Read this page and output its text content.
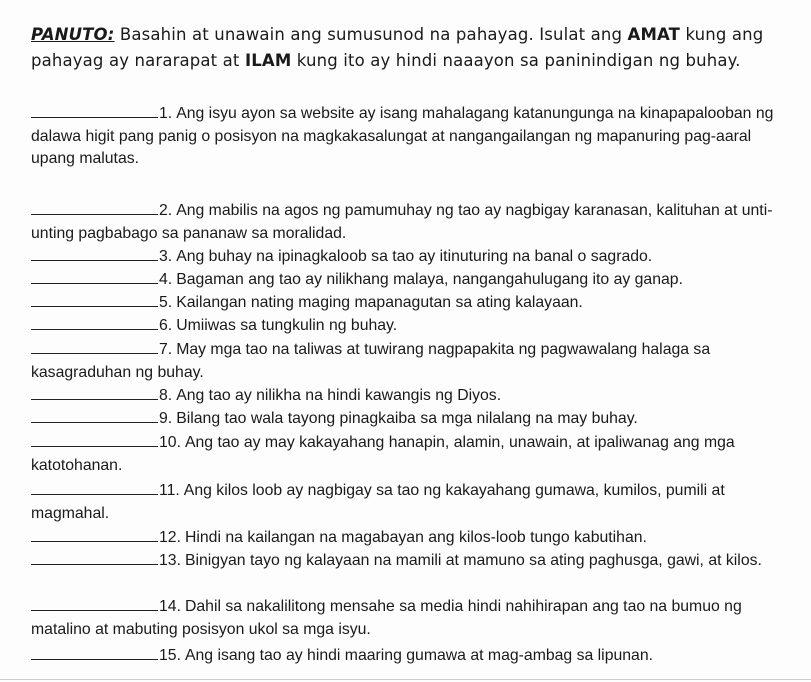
PANUTO: Basahin at unawain ang sumusunod na pahayag. Isulat ang AMAT kung ang pahayag ay nararapat at ILAM kung ito ay hindi naaayon sa paninindigan ng buhay.
1. Ang isyu ayon sa website ay isang mahalagang katanungunga na kinapapalooban ng dalawa higit pang panig o posisyon na magkakasalungat at nangangailangan ng mapanuring pag-aaral upang malutas.
2. Ang mabilis na agos ng pamumuhay ng tao ay nagbigay karanasan, kalituhan at unti-unting pagbabago sa pananaw sa moralidad.
3. Ang buhay na ipinagkaloob sa tao ay itinuturing na banal o sagrado.
4. Bagaman ang tao ay nilikhang malaya, nangangahulugang ito ay ganap.
5. Kailangan nating maging mapanagutan sa ating kalayaan.
6. Umiiwas sa tungkulin ng buhay.
7. May mga tao na taliwas at tuwirang nagpapakita ng pagwawalang halaga sa kasagraduhan ng buhay.
8. Ang tao ay nilikha na hindi kawangis ng Diyos.
9. Bilang tao wala tayong pinagkaiba sa mga nilalang na may buhay.
10. Ang tao ay may kakayahang hanapin, alamin, unawain, at ipaliwanag ang mga katotohanan.
11. Ang kilos loob ay nagbigay sa tao ng kakayahang gumawa, kumilos, pumili at magmahal.
12. Hindi na kailangan na magabayan ang kilos-loob tungo kabutihan.
13. Binigyan tayo ng kalayaan na mamili at mamuno sa ating paghusga, gawi, at kilos.
14. Dahil sa nakalilitong mensahe sa media hindi nahihirapan ang tao na bumuo ng matalino at mabuting posisyon ukol sa mga isyu.
15. Ang isang tao ay hindi maaring gumawa at mag-ambag sa lipunan.
